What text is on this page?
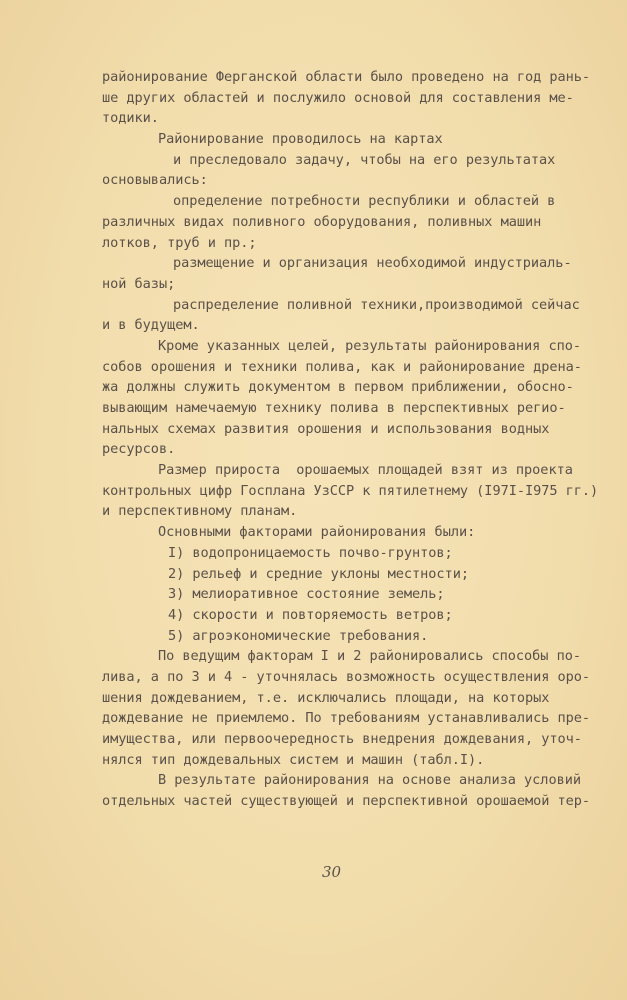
районирование Ферганской области было проведено на год рань-
ше других областей и послужило основой для составления ме-
тодики.
Районирование проводилось на картах
и преследовало задачу, чтобы на его результатах
основывались:
определение потребности республики и областей в
различных видах поливного оборудования, поливных машин
лотков, труб и пр.;
размещение и организация необходимой индустриаль-
ной базы;
распределение поливной техники,производимой сейчас
и в будущем.
Кроме указанных целей, результаты районирования спо-
собов орошения и техники полива, как и районирование дрена-
жа должны служить документом в первом приближении, обосно-
вывающим намечаемую технику полива в перспективных регио-
нальных схемах развития орошения и использования водных
ресурсов.
Размер прироста  орошаемых площадей взят из проекта
контрольных цифр Госплана УзССР к пятилетнему (I97I-I975 гг.)
и перспективному планам.
Основными факторами районирования были:
I) водопроницаемость почво-грунтов;
2) рельеф и средние уклоны местности;
3) мелиоративное состояние земель;
4) скорости и повторяемость ветров;
5) агроэкономические требования.
По ведущим факторам I и 2 районировались способы по-
лива, а по 3 и 4 - уточнялась возможность осуществления оро-
шения дождеванием, т.е. исключались площади, на которых
дождевание не приемлемо. По требованиям устанавливались пре-
имущества, или первоочередность внедрения дождевания, уточ-
нялся тип дождевальных систем и машин (табл.I).
В результате районирования на основе анализа условий
отдельных частей существующей и перспективной орошаемой тер-
30
